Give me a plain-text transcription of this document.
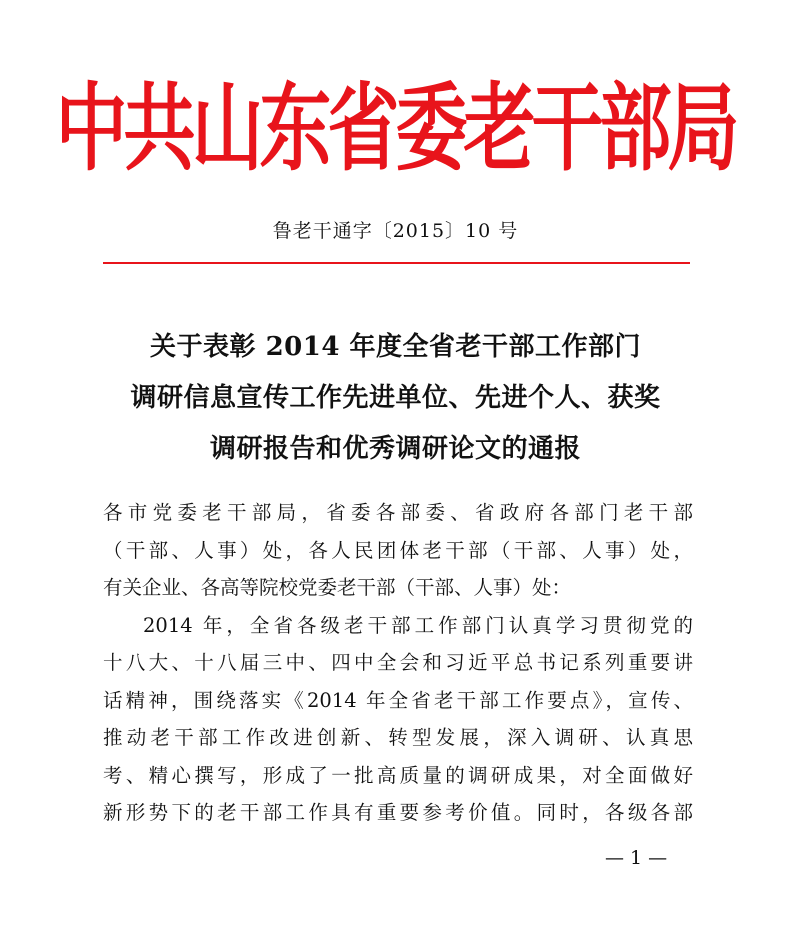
中共山东省委老干部局
鲁老干通字〔2015〕10 号
关于表彰 2014 年度全省老干部工作部门
调研信息宣传工作先进单位、先进个人、获奖
调研报告和优秀调研论文的通报
各市党委老干部局，省委各部委、省政府各部门老干部
（干部、人事）处，各人民团体老干部（干部、人事）处，
有关企业、各高等院校党委老干部（干部、人事）处：
2014 年，全省各级老干部工作部门认真学习贯彻党的
十八大、十八届三中、四中全会和习近平总书记系列重要讲
话精神，围绕落实《2014 年全省老干部工作要点》，宣传、
推动老干部工作改进创新、转型发展，深入调研、认真思
考、精心撰写，形成了一批高质量的调研成果，对全面做好
新形势下的老干部工作具有重要参考价值。同时，各级各部
— 1 —
